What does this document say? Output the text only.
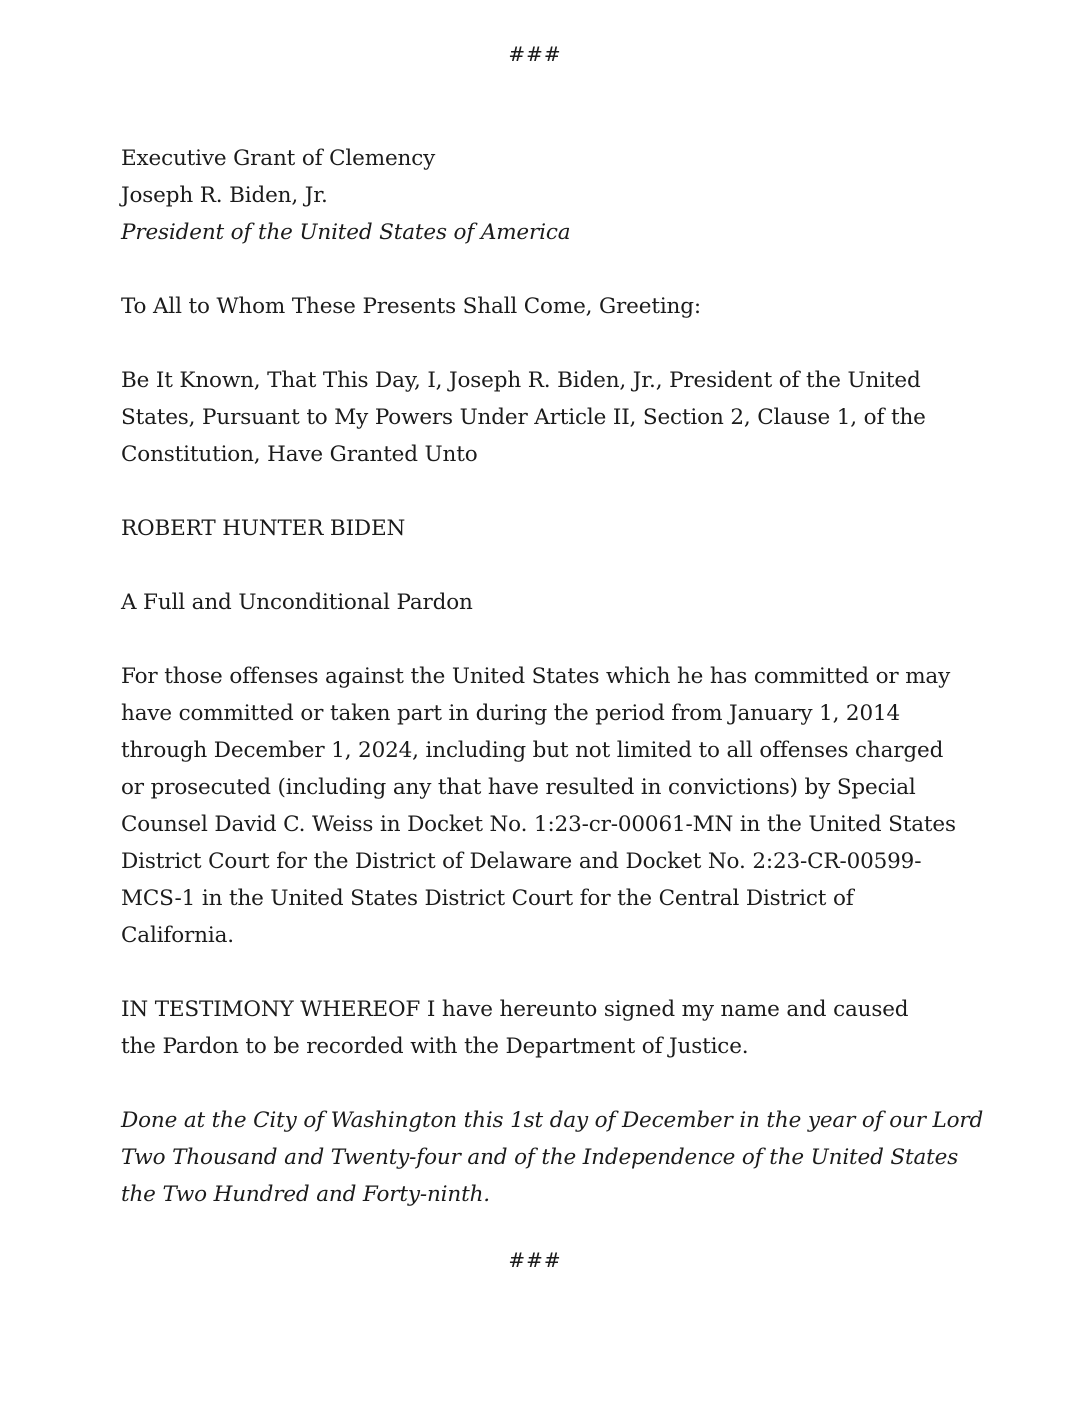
###

Executive Grant of Clemency
Joseph R. Biden, Jr.
President of the United States of America

To All to Whom These Presents Shall Come, Greeting:

Be It Known, That This Day, I, Joseph R. Biden, Jr., President of the United
States, Pursuant to My Powers Under Article II, Section 2, Clause 1, of the
Constitution, Have Granted Unto

ROBERT HUNTER BIDEN

A Full and Unconditional Pardon

For those offenses against the United States which he has committed or may
have committed or taken part in during the period from January 1, 2014
through December 1, 2024, including but not limited to all offenses charged
or prosecuted (including any that have resulted in convictions) by Special
Counsel David C. Weiss in Docket No. 1:23-cr-00061-MN in the United States
District Court for the District of Delaware and Docket No. 2:23-CR-00599-
MCS-1 in the United States District Court for the Central District of
California.

IN TESTIMONY WHEREOF I have hereunto signed my name and caused
the Pardon to be recorded with the Department of Justice.

Done at the City of Washington this 1st day of December in the year of our Lord
Two Thousand and Twenty-four and of the Independence of the United States
the Two Hundred and Forty-ninth.

###
